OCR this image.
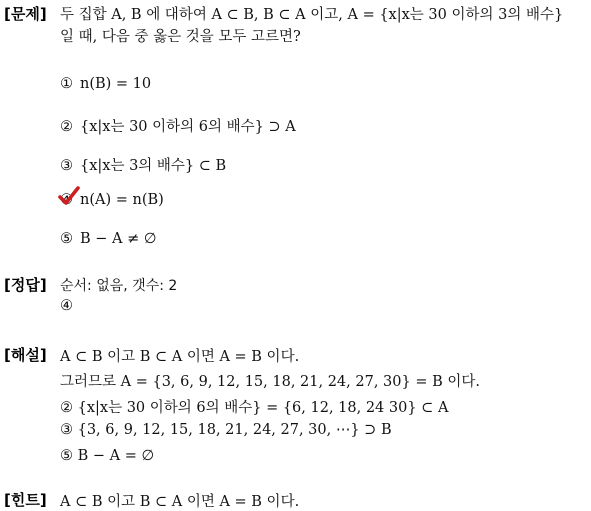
[문제] 두 집합 A, B 에 대하여 A ⊂ B, B ⊂ A 이고, A = {x|x는 30 이하의 3의 배수}
일 때, 다음 중 옳은 것을 모두 고르면?
① n(B) = 10
② {x|x는 30 이하의 6의 배수} ⊃ A
③ {x|x는 3의 배수} ⊂ B
④ n(A) = n(B)
⑤ B − A ≠ ∅
[정답] 순서: 없음, 갯수: 2
④
[해설] A ⊂ B 이고 B ⊂ A 이면 A = B 이다.
그러므로 A = {3, 6, 9, 12, 15, 18, 21, 24, 27, 30} = B 이다.
② {x|x는 30 이하의 6의 배수} = {6, 12, 18, 24 30} ⊂ A
③ {3, 6, 9, 12, 15, 18, 21, 24, 27, 30, ⋯} ⊃ B
⑤ B − A = ∅
[힌트] A ⊂ B 이고 B ⊂ A 이면 A = B 이다.
